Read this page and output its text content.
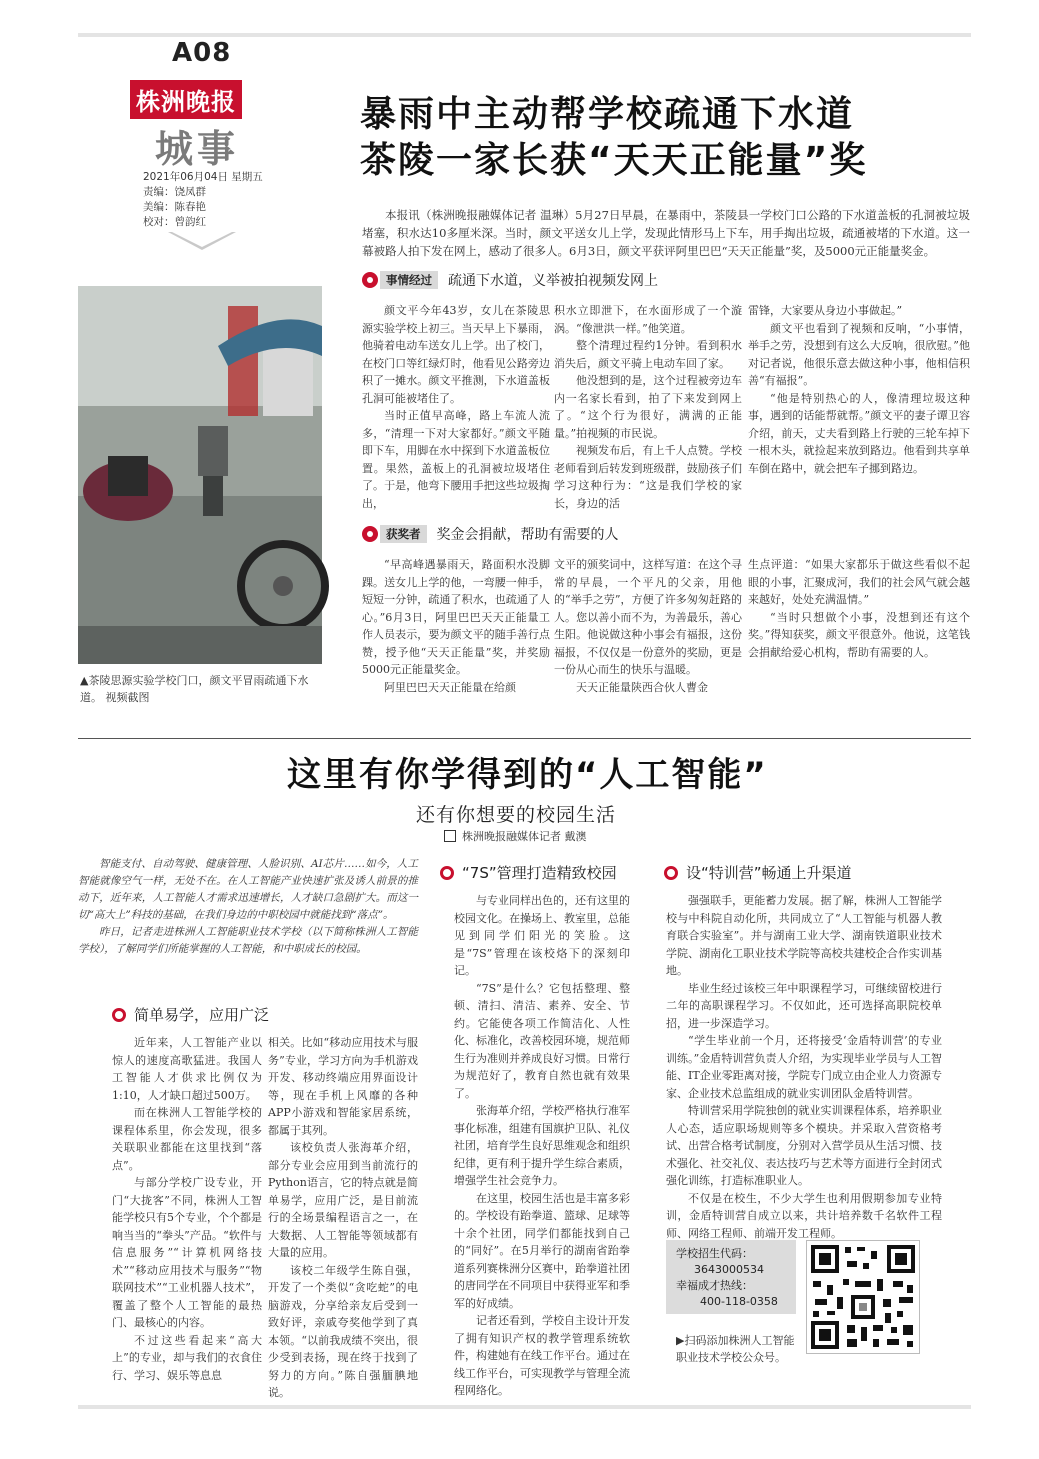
A08
株洲晚报
城事
2021年06月04日 星期五
责编：饶凤群
美编：陈春艳
校对：曾韵红
暴雨中主动帮学校疏通下水道
茶陵一家长获“天天正能量”奖
本报讯（株洲晚报融媒体记者 温琳）5月27日早晨，在暴雨中，茶陵县一学校门口公路的下水道盖板的孔洞被垃圾堵塞，积水达10多厘米深。当时，颜文平送女儿上学，发现此情形马上下车，用手掏出垃圾，疏通被堵的下水道。这一幕被路人拍下发在网上，感动了很多人。6月3日，颜文平获评阿里巴巴“天天正能量”奖，及5000元正能量奖金。
▲茶陵思源实验学校门口，颜文平冒雨疏通下水道。 视频截图
事情经过	疏通下水道，义举被拍视频发网上

颜文平今年43岁，女儿在茶陵思源实验学校上初三。当天早上下暴雨，他骑着电动车送女儿上学。出了校门，在校门口等红绿灯时，他看见公路旁边积了一摊水。颜文平推测，下水道盖板孔洞可能被堵住了。

当时正值早高峰，路上车流人流多，“清理一下对大家都好。”颜文平随即下车，用脚在水中探到下水道盖板位置。果然，盖板上的孔洞被垃圾堵住了。于是，他弯下腰用手把这些垃圾掏出，

积水立即泄下，在水面形成了一个漩涡。“像泄洪一样。”他笑道。

整个清理过程约1分钟。看到积水消失后，颜文平骑上电动车回了家。

他没想到的是，这个过程被旁边车内一名家长看到，拍了下来发到网上了。“这个行为很好，满满的正能量。”拍视频的市民说。

视频发布后，有上千人点赞。学校老师看到后转发到班级群，鼓励孩子们学习这种行为：“这是我们学校的家长，身边的活

雷锋，大家要从身边小事做起。”

颜文平也看到了视频和反响，“小事情，举手之劳，没想到有这么大反响，很欣慰。”他对记者说，他很乐意去做这种小事，他相信积善“有福报”。

“他是特别热心的人，像清理垃圾这种事，遇到的话能帮就帮。”颜文平的妻子谭卫容介绍，前天，丈夫看到路上行驶的三轮车掉下一根木头，就捡起来放到路边。他看到共享单车倒在路中，就会把车子挪到路边。

获奖者	奖金会捐献，帮助有需要的人

“早高峰遇暴雨天，路面积水没脚踝。送女儿上学的他，一弯腰一伸手，短短一分钟，疏通了积水，也疏通了人心。”6月3日，阿里巴巴天天正能量工作人员表示，要为颜文平的随手善行点赞，授予他“天天正能量”奖，并奖励5000元正能量奖金。

阿里巴巴天天正能量在给颜

文平的颁奖词中，这样写道：在这个寻常的早晨，一个平凡的父亲，用他的“举手之劳”，方便了许多匆匆赶路的人。您以善小而不为，为善最乐，善心生阳。他说做这种小事会有福报，这份福报，不仅仅是一份意外的奖励，更是一份从心而生的快乐与温暖。

天天正能量陕西合伙人曹金

生点评道：“如果大家都乐于做这些看似不起眼的小事，汇聚成河，我们的社会风气就会越来越好，处处充满温情。”

“当时只想做个小事，没想到还有这个奖。”得知获奖，颜文平很意外。他说，这笔钱会捐献给爱心机构，帮助有需要的人。

这里有你学得到的“人工智能”
还有你想要的校园生活
株洲晚报融媒体记者 戴澳

智能支付、自动驾驶、健康管理、人脸识别、AI芯片……如今，人工智能就像空气一样，无处不在。在人工智能产业快速扩张及诱人前景的推动下，近年来，人工智能人才需求迅速增长，人才缺口急剧扩大。而这一切“高大上”科技的基础，在我们身边的中职校园中就能找到“落点”。

昨日，记者走进株洲人工智能职业技术学校（以下简称株洲人工智能学校），了解同学们所能掌握的人工智能，和中职成长的校园。

简单易学，应用广泛

近年来，人工智能产业以惊人的速度高歌猛进。我国人工智能人才供求比例仅为1:10，人才缺口超过500万。

而在株洲人工智能学校的课程体系里，你会发现，很多关联职业都能在这里找到“落点”。

与部分学校广设专业，开门“大拢客”不同，株洲人工智能学校只有5个专业，个个都是响当当的“拳头”产品。“软件与信息服务”“计算机网络技术”“移动应用技术与服务”“物联网技术”“工业机器人技术”，覆盖了整个人工智能的最热门、最核心的内容。

不过这些看起来“高大上”的专业，却与我们的衣食住行、学习、娱乐等息息

相关。比如“移动应用技术与服务”专业，学习方向为手机游戏开发、移动终端应用界面设计等，现在手机上风靡的各种APP小游戏和智能家居系统，都属于其列。

该校负责人张海革介绍，部分专业会应用到当前流行的Python语言，它的特点就是简单易学，应用广泛，是目前流行的全场景编程语言之一，在大数据、人工智能等领域都有大量的应用。

该校二年级学生陈自强，开发了一个类似“贪吃蛇”的电脑游戏，分享给亲友后受到一致好评，亲戚夸奖他学到了真本领。“以前我成绩不突出，很少受到表扬，现在终于找到了努力的方向。”陈自强腼腆地说。

“7S”管理打造精致校园

与专业同样出色的，还有这里的校园文化。在操场上、教室里，总能见到同学们阳光的笑脸。这是“7S”管理在该校烙下的深刻印记。

“7S”是什么？它包括整理、整顿、清扫、清洁、素养、安全、节约。它能使各项工作简洁化、人性化、标准化，改善校园环境，规范师生行为准则并养成良好习惯。日常行为规范好了，教育自然也就有效果了。

张海革介绍，学校严格执行准军事化标准，组建有国旗护卫队、礼仪社团，培育学生良好思维观念和组织纪律，更有利于提升学生综合素质，增强学生社会竞争力。

在这里，校园生活也是丰富多彩的。学校设有跆拳道、篮球、足球等十余个社团，同学们都能找到自己的“同好”。在5月举行的湖南省跆拳道系列赛株洲分区赛中，跆拳道社团的唐同学在不同项目中获得亚军和季军的好成绩。

记者还看到，学校自主设计开发了拥有知识产权的教学管理系统软件，构建她有在线工作平台。通过在线工作平台，可实现教学与管理全流程网络化。

设“特训营”畅通上升渠道

强强联手，更能蓄力发展。据了解，株洲人工智能学校与中科院自动化所，共同成立了“人工智能与机器人教育联合实验室”。并与湖南工业大学、湖南铁道职业技术学院、湖南化工职业技术学院等高校共建校企合作实训基地。

毕业生经过该校三年中职课程学习，可继续留校进行二年的高职课程学习。不仅如此，还可选择高职院校单招，进一步深造学习。

“学生毕业前一个月，还将接受‘金盾特训营’的专业训练。”金盾特训营负责人介绍，为实现毕业学员与人工智能、IT企业零距离对接，学院专门成立由企业人力资源专家、企业技术总监组成的就业实训团队金盾特训营。

特训营采用学院独创的就业实训课程体系，培养职业人心态，适应职场规则等多个模块。并采取入营资格考试、出营合格考试制度，分别对入营学员从生活习惯、技术强化、社交礼仪、表达技巧与艺术等方面进行全封闭式强化训练，打造标准职业人。

不仅是在校生，不少大学生也利用假期参加专业特训，金盾特训营自成立以来，共计培养数千名软件工程师、网络工程师、前端开发工程师。

学校招生代码：
3643000534
幸福成才热线：
400-118-0358
▶扫码添加株洲人工智能职业技术学校公众号。
